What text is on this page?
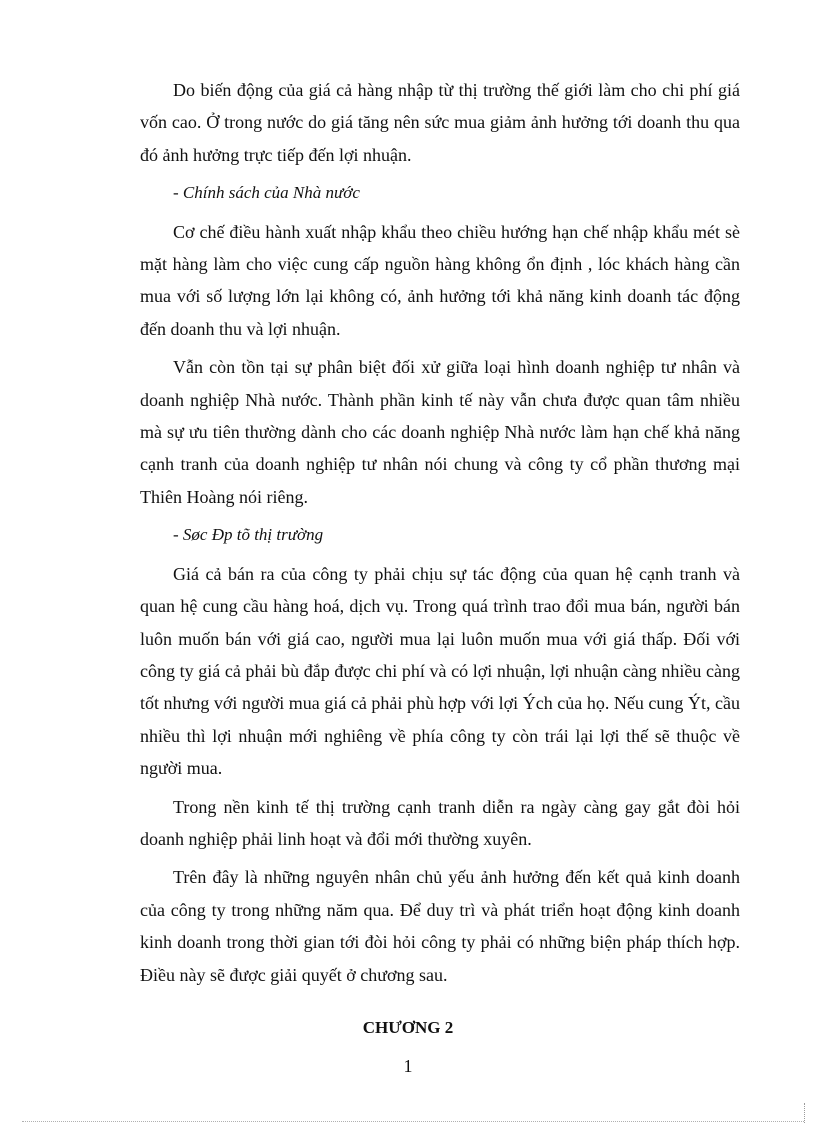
Do biến động của giá cả hàng nhập từ thị trường thế giới làm cho chi phí giá vốn cao. Ở trong nước do giá tăng nên sức mua giảm ảnh hưởng tới doanh thu qua đó ảnh hưởng trực tiếp đến lợi nhuận.

- Chính sách của Nhà nước

Cơ chế điều hành xuất nhập khẩu theo chiều hướng hạn chế nhập khẩu mét sè mặt hàng làm cho việc cung cấp nguồn hàng không ổn định , lóc khách hàng cần mua với số lượng lớn lại không có, ảnh hưởng tới khả năng kinh doanh tác động đến doanh thu và lợi nhuận.

Vẫn còn tồn tại sự phân biệt đối xử giữa loại hình doanh nghiệp tư nhân và doanh nghiệp Nhà nước. Thành phần kinh tế này vẫn chưa được quan tâm nhiều mà sự ưu tiên thường dành cho các doanh nghiệp Nhà nước làm hạn chế khả năng cạnh tranh của doanh nghiệp tư nhân nói chung và công ty cổ phần thương mại Thiên Hoàng nói riêng.

- Søc Ðp tõ thị trường

Giá cả bán ra của công ty phải chịu sự tác động của quan hệ cạnh tranh và quan hệ cung cầu hàng hoá, dịch vụ. Trong quá trình trao đổi mua bán, người bán luôn muốn bán với giá cao, người mua lại luôn muốn mua với giá thấp. Đối với công ty giá cả phải bù đắp được chi phí và có lợi nhuận, lợi nhuận càng nhiều càng tốt nhưng với người mua giá cả phải phù hợp với lợi Ých của họ. Nếu cung Ýt, cầu nhiều thì lợi nhuận mới nghiêng về phía công ty còn trái lại lợi thế sẽ thuộc về người mua.

Trong nền kinh tế thị trường cạnh tranh diễn ra ngày càng gay gắt đòi hỏi doanh nghiệp phải linh hoạt và đổi mới thường xuyên.

Trên đây là những nguyên nhân chủ yếu ảnh hưởng đến kết quả kinh doanh của công ty trong những năm qua. Để duy trì và phát triển hoạt động kinh doanh kinh doanh trong thời gian tới đòi hỏi công ty phải có những biện pháp thích hợp. Điều này sẽ được giải quyết ở chương sau.

CHƯƠNG 2
1
